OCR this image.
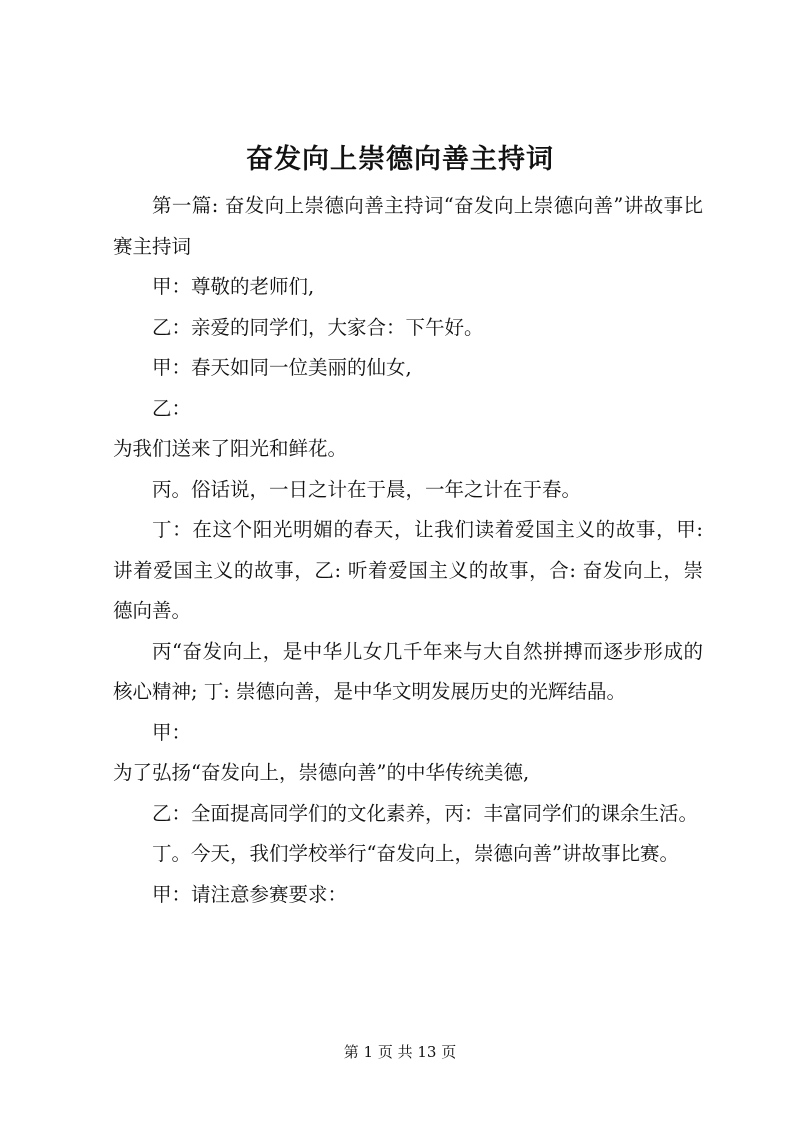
奋发向上崇德向善主持词

第一篇: 奋发向上崇德向善主持词“奋发向上崇德向善”讲故事比赛主持词

甲：尊敬的老师们,

乙：亲爱的同学们，大家合：下午好。

甲：春天如同一位美丽的仙女,

乙：

为我们送来了阳光和鲜花。

丙。俗话说，一日之计在于晨，一年之计在于春。

丁：在这个阳光明媚的春天，让我们读着爱国主义的故事，甲: 讲着爱国主义的故事，乙: 听着爱国主义的故事，合: 奋发向上，崇德向善。

丙“奋发向上，是中华儿女几千年来与大自然拼搏而逐步形成的核心精神; 丁: 崇德向善，是中华文明发展历史的光辉结晶。

甲：

为了弘扬“奋发向上，崇德向善”的中华传统美德,

乙：全面提高同学们的文化素养，丙：丰富同学们的课余生活。

丁。今天，我们学校举行“奋发向上，崇德向善”讲故事比赛。

甲：请注意参赛要求：

第 1 页 共 13 页
